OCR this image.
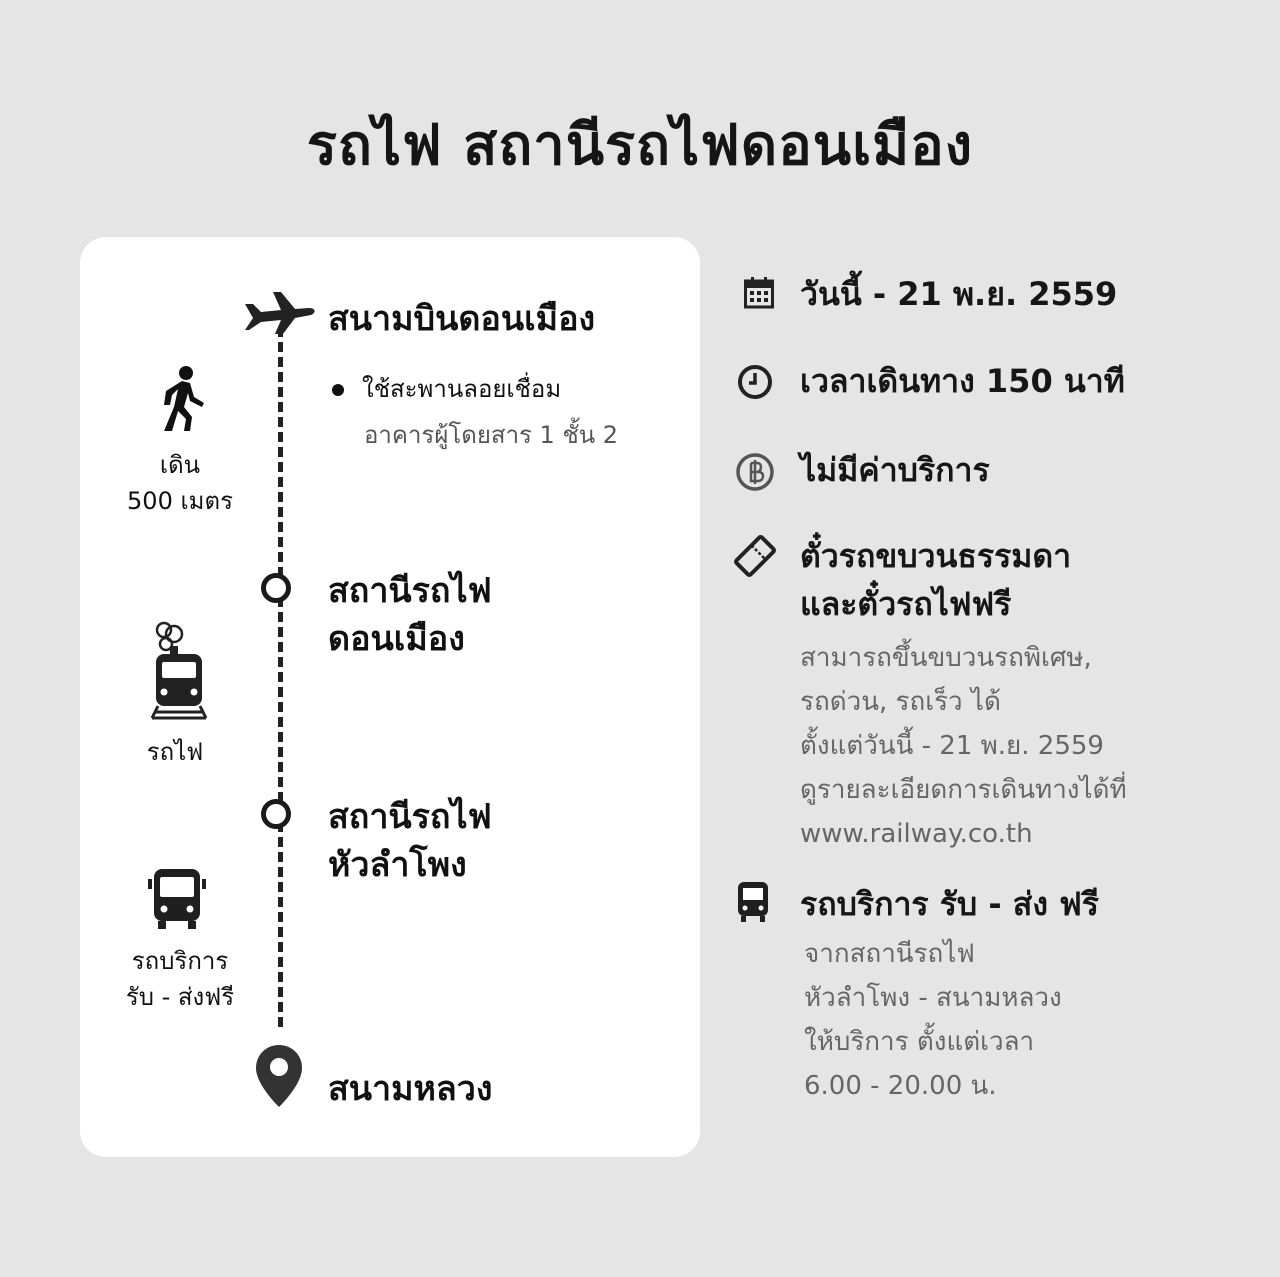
รถไฟ สถานีรถไฟดอนเมือง
สนามบินดอนเมือง
ใช้สะพานลอยเชื่อม
อาคารผู้โดยสาร 1 ชั้น 2
เดิน
500 เมตร
สถานีรถไฟ
ดอนเมือง
รถไฟ
สถานีรถไฟ
หัวลำโพง
รถบริการ
รับ - ส่งฟรี
สนามหลวง
วันนี้ - 21 พ.ย. 2559
เวลาเดินทาง 150 นาที
ไม่มีค่าบริการ
ตั๋วรถขบวนธรรมดา
และตั๋วรถไฟฟรี
สามารถขึ้นขบวนรถพิเศษ,
รถด่วน, รถเร็ว ได้
ตั้งแต่วันนี้ - 21 พ.ย. 2559
ดูรายละเอียดการเดินทางได้ที่
www.railway.co.th
รถบริการ รับ - ส่ง ฟรี
จากสถานีรถไฟ
หัวลำโพง - สนามหลวง
ให้บริการ ตั้งแต่เวลา
6.00 - 20.00 น.
